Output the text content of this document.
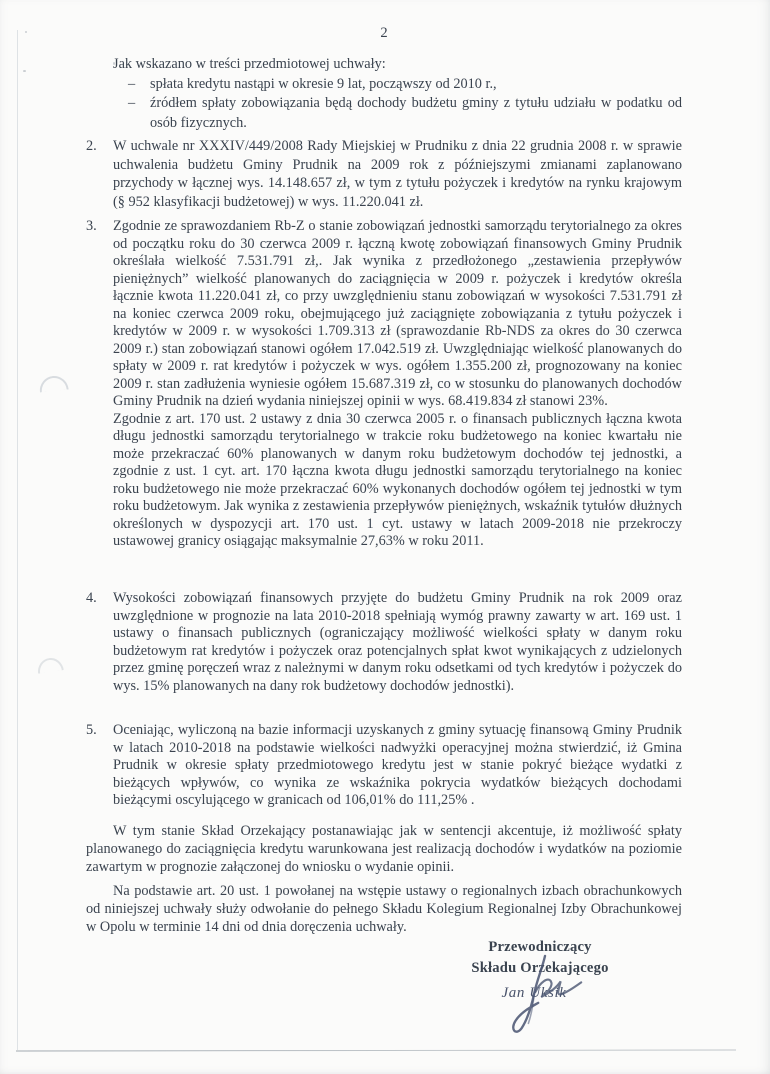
2

Jak wskazano w treści przedmiotowej uchwały:

–	spłata kredytu nastąpi w okresie 9 lat, począwszy od 2010 r.,
–	źródłem spłaty zobowiązania będą dochody budżetu gminy z tytułu udziału w podatku od osób fizycznych.
2.	W uchwale nr XXXIV/449/2008 Rady Miejskiej w Prudniku z dnia 22 grudnia 2008 r. w sprawie uchwalenia budżetu Gminy Prudnik na 2009 rok z późniejszymi zmianami zaplanowano przychody w łącznej wys. 14.148.657 zł, w tym z tytułu pożyczek i kredytów na rynku krajowym (§ 952 klasyfikacji budżetowej) w wys. 11.220.041 zł.

3.	Zgodnie ze sprawozdaniem Rb-Z o stanie zobowiązań jednostki samorządu terytorialnego za okres od początku roku do 30 czerwca 2009 r. łączną kwotę zobowiązań finansowych Gminy Prudnik określała wielkość 7.531.791 zł,. Jak wynika z przedłożonego „zestawienia przepływów pieniężnych” wielkość planowanych do zaciągnięcia w 2009 r. pożyczek i kredytów określa łącznie kwota 11.220.041 zł, co przy uwzględnieniu stanu zobowiązań w wysokości 7.531.791 zł na koniec czerwca 2009 roku, obejmującego już zaciągnięte zobowiązania z tytułu pożyczek i kredytów w 2009 r. w wysokości 1.709.313 zł (sprawozdanie Rb-NDS za okres do 30 czerwca 2009 r.) stan zobowiązań stanowi ogółem 17.042.519 zł. Uwzględniając wielkość planowanych do spłaty w 2009 r. rat kredytów i pożyczek w wys. ogółem 1.355.200 zł, prognozowany na koniec 2009 r. stan zadłużenia wyniesie ogółem 15.687.319 zł, co w stosunku do planowanych dochodów Gminy Prudnik na dzień wydania niniejszej opinii w wys. 68.419.834 zł stanowi 23%.

Zgodnie z art. 170 ust. 2 ustawy z dnia 30 czerwca 2005 r. o finansach publicznych łączna kwota długu jednostki samorządu terytorialnego w trakcie roku budżetowego na koniec kwartału nie może przekraczać 60% planowanych w danym roku budżetowym dochodów tej jednostki, a zgodnie z ust. 1 cyt. art. 170 łączna kwota długu jednostki samorządu terytorialnego na koniec roku budżetowego nie może przekraczać 60% wykonanych dochodów ogółem tej jednostki w tym roku budżetowym. Jak wynika z zestawienia przepływów pieniężnych, wskaźnik tytułów dłużnych określonych w dyspozycji art. 170 ust. 1 cyt. ustawy w latach 2009-2018 nie przekroczy ustawowej granicy osiągając maksymalnie 27,63% w roku 2011.

4.	Wysokości zobowiązań finansowych przyjęte do budżetu Gminy Prudnik na rok 2009 oraz uwzględnione w prognozie na lata 2010-2018 spełniają wymóg prawny zawarty w art. 169 ust. 1 ustawy o finansach publicznych (ograniczający możliwość wielkości spłaty w danym roku budżetowym rat kredytów i pożyczek oraz potencjalnych spłat kwot wynikających z udzielonych przez gminę poręczeń wraz z należnymi w danym roku odsetkami od tych kredytów i pożyczek do wys. 15% planowanych na dany rok budżetowy dochodów jednostki).

5.	Oceniając, wyliczoną na bazie informacji uzyskanych z gminy sytuację finansową Gminy Prudnik w latach 2010-2018 na podstawie wielkości nadwyżki operacyjnej można stwierdzić, iż Gmina Prudnik w okresie spłaty przedmiotowego kredytu jest w stanie pokryć bieżące wydatki z bieżących wpływów, co wynika ze wskaźnika pokrycia wydatków bieżących dochodami bieżącymi oscylującego w granicach od 106,01% do 111,25% .

W tym stanie Skład Orzekający postanawiając jak w sentencji akcentuje, iż możliwość spłaty planowanego do zaciągnięcia kredytu warunkowana jest realizacją dochodów i wydatków na poziomie zawartym w prognozie załączonej do wniosku o wydanie opinii.

Na podstawie art. 20 ust. 1 powołanej na wstępie ustawy o regionalnych izbach obrachunkowych od niniejszej uchwały służy odwołanie do pełnego Składu Kolegium Regionalnej Izby Obrachunkowej w Opolu w terminie 14 dni od dnia doręczenia uchwały.

Przewodniczący
Składu Orzekającego
Jan Uksik
